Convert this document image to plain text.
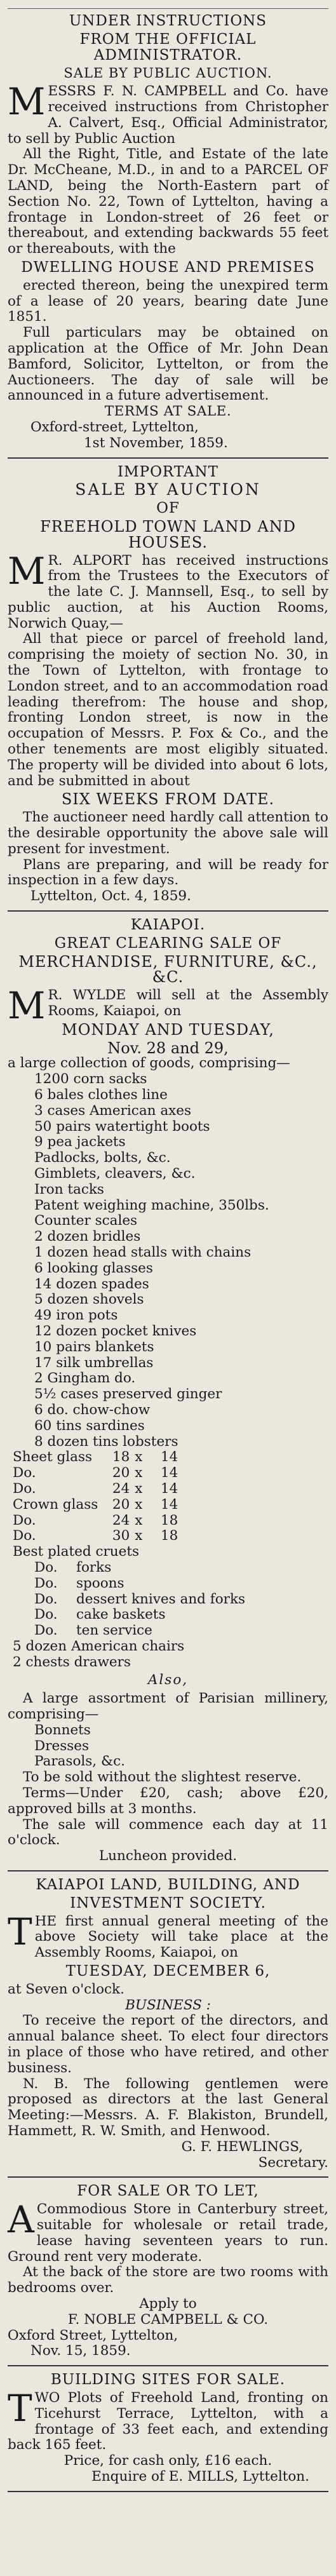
UNDER INSTRUCTIONS
FROM THE OFFICIAL ADMINISTRATOR.
SALE BY PUBLIC AUCTION.

MESSRS F. N. CAMPBELL and Co. have received instructions from Christopher A. Calvert, Esq., Official Administrator, to sell by Public Auction

All the Right, Title, and Estate of the late Dr. McCheane, M.D., in and to a PARCEL OF LAND, being the North-Eastern part of Section No. 22, Town of Lyttelton, having a frontage in London-street of 26 feet or thereabout, and extending backwards 55 feet or thereabouts, with the

DWELLING HOUSE AND PREMISES

erected thereon, being the unexpired term of a lease of 20 years, bearing date June 1851.

Full particulars may be obtained on application at the Office of Mr. John Dean Bamford, Solicitor, Lyttelton, or from the Auctioneers. The day of sale will be announced in a future advertisement.

TERMS AT SALE.
Oxford-street, Lyttelton,
1st November, 1859.
IMPORTANT
SALE BY AUCTION
OF
FREEHOLD TOWN LAND AND HOUSES.

M R. ALPORT has received instructions from the Trustees to the Executors of the late C. J. Mannsell, Esq., to sell by public auction, at his Auction Rooms, Norwich Quay,—

All that piece or parcel of freehold land, comprising the moiety of section No. 30, in the Town of Lyttelton, with frontage to London street, and to an accommodation road leading therefrom: The house and shop, fronting London street, is now in the occupation of Messrs. P. Fox & Co., and the other tenements are most eligibly situated. The property will be divided into about 6 lots, and be submitted in about

SIX WEEKS FROM DATE.

The auctioneer need hardly call attention to the desirable opportunity the above sale will present for investment.

Plans are preparing, and will be ready for inspection in a few days.

Lyttelton, Oct. 4, 1859.
KAIAPOI.
GREAT CLEARING SALE OF
MERCHANDISE, FURNITURE, &C., &C.

M R. WYLDE will sell at the Assembly Rooms, Kaiapoi, on

MONDAY AND TUESDAY,
Nov. 28 and 29,

a large collection of goods, comprising—

1200 corn sacks
6 bales clothes line
3 cases American axes
50 pairs watertight boots
9 pea jackets
Padlocks, bolts, &c.
Gimblets, cleavers, &c.
Iron tacks
Patent weighing machine, 350lbs.
Counter scales
2 dozen bridles
1 dozen head stalls with chains
6 looking glasses
14 dozen spades
5 dozen shovels
49 iron pots
12 dozen pocket knives
10 pairs blankets
17 silk umbrellas
2 Gingham do.
5½ cases preserved ginger
6 do. chow-chow
60 tins sardines
8 dozen tins lobsters
Sheet glass	18	x	14
Do.	20	x	14
Do.	24	x	14
Crown glass	20	x	14
Do.	24	x	18
Do.	30	x	18
Best plated cruets
Do. forks
Do. spoons
Do. dessert knives and forks
Do. cake baskets
Do. ten service
5 dozen American chairs
2 chests drawers
Also,

A large assortment of Parisian millinery, comprising—

Bonnets
Dresses
Parasols, &c.

To be sold without the slightest reserve.

Terms—Under £20, cash; above £20, approved bills at 3 months.

The sale will commence each day at 11 o'clock.

Luncheon provided.
KAIAPOI LAND, BUILDING, AND
INVESTMENT SOCIETY.

THE first annual general meeting of the above Society will take place at the Assembly Rooms, Kaiapoi, on

TUESDAY, DECEMBER 6,
at Seven o'clock.
BUSINESS :

To receive the report of the directors, and annual balance sheet. To elect four directors in place of those who have retired, and other business.

N. B. The following gentlemen were proposed as directors at the last General Meeting:—Messrs. A. F. Blakiston, Brundell, Hammett, R. W. Smith, and Henwood.

G. F. HEWLINGS,
Secretary.
FOR SALE OR TO LET,

A Commodious Store in Canterbury street, suitable for wholesale or retail trade, lease having seventeen years to run. Ground rent very moderate.

At the back of the store are two rooms with bedrooms over.

Apply to
F. NOBLE CAMPBELL & CO.
Oxford Street, Lyttelton,
Nov. 15, 1859.
BUILDING SITES FOR SALE.

TWO Plots of Freehold Land, fronting on Ticehurst Terrace, Lyttelton, with a frontage of 33 feet each, and extending back 165 feet.

Price, for cash only, £16 each.
Enquire of E. MILLS, Lyttelton.
